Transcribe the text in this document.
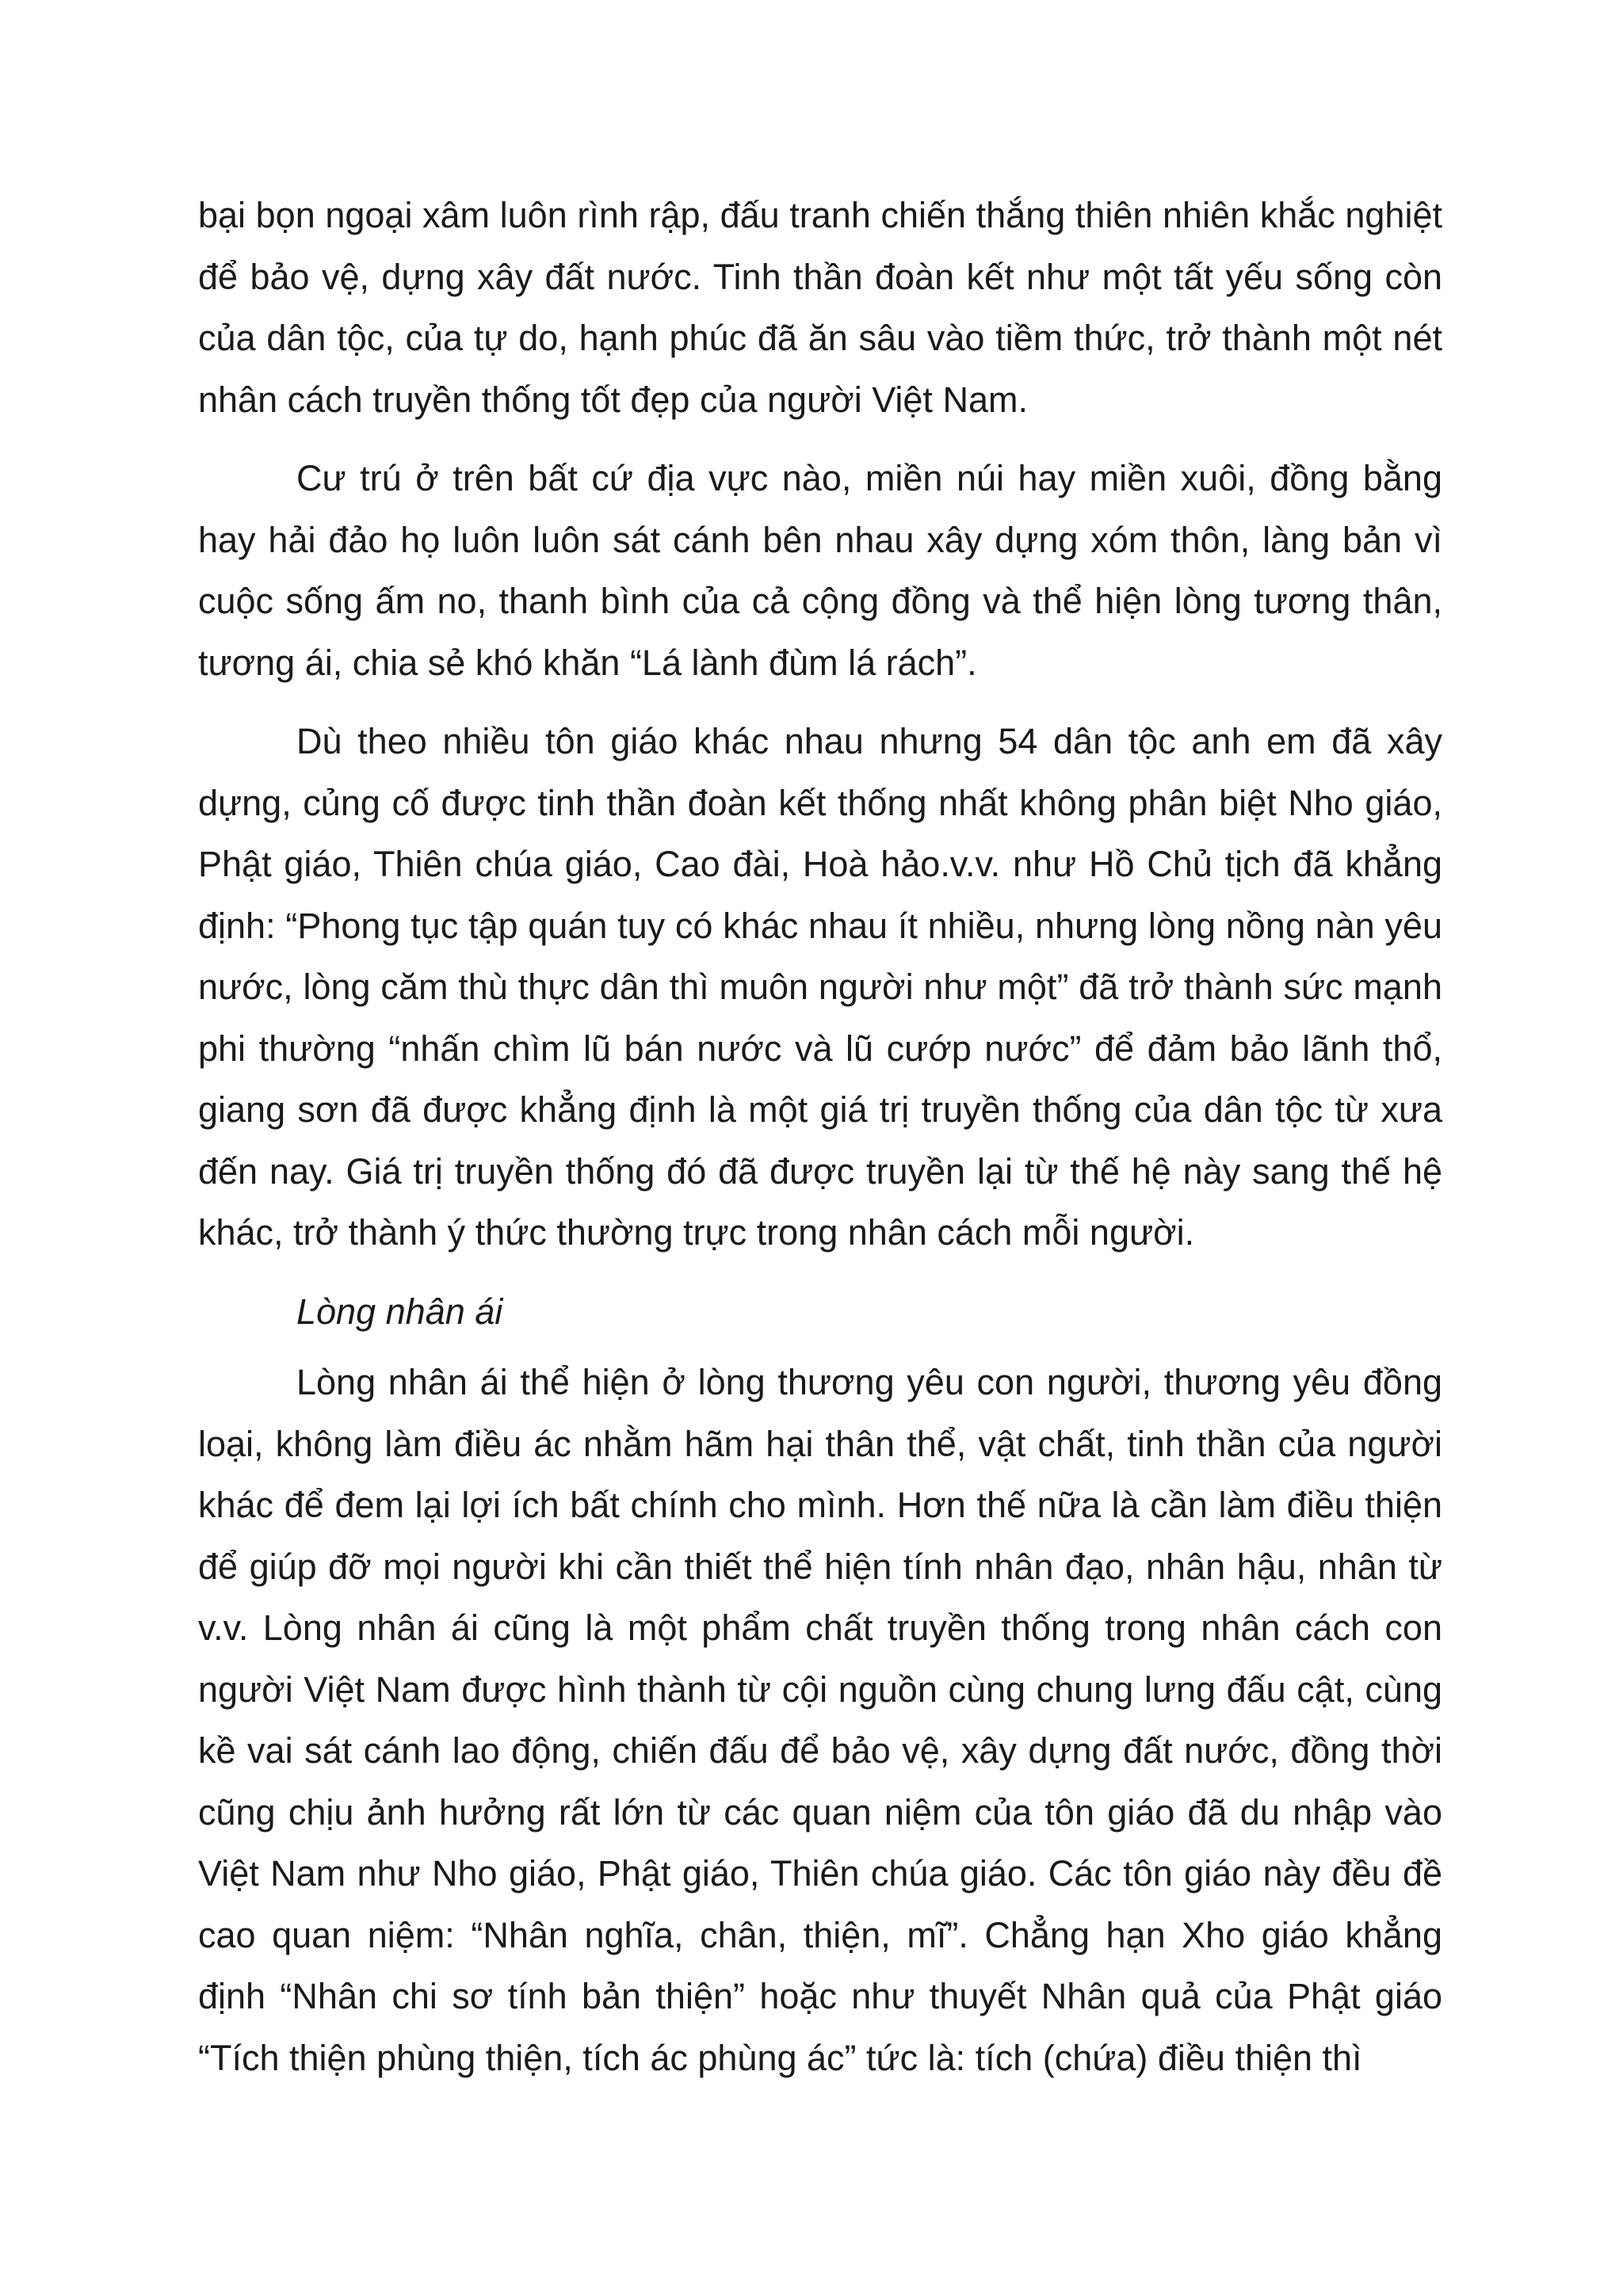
bại bọn ngoại xâm luôn rình rập, đấu tranh chiến thắng thiên nhiên khắc nghiệt để bảo vệ, dựng xây đất nước. Tinh thần đoàn kết như một tất yếu sống còn của dân tộc, của tự do, hạnh phúc đã ăn sâu vào tiềm thức, trở thành một nét nhân cách truyền thống tốt đẹp của người Việt Nam.

Cư trú ở trên bất cứ địa vực nào, miền núi hay miền xuôi, đồng bằng hay hải đảo họ luôn luôn sát cánh bên nhau xây dựng xóm thôn, làng bản vì cuộc sống ấm no, thanh bình của cả cộng đồng và thể hiện lòng tương thân, tương ái, chia sẻ khó khăn “Lá lành đùm lá rách”.

Dù theo nhiều tôn giáo khác nhau nhưng 54 dân tộc anh em đã xây dựng, củng cố được tinh thần đoàn kết thống nhất không phân biệt Nho giáo, Phật giáo, Thiên chúa giáo, Cao đài, Hoà hảo.v.v. như Hồ Chủ tịch đã khẳng định: “Phong tục tập quán tuy có khác nhau ít nhiều, nhưng lòng nồng nàn yêu nước, lòng căm thù thực dân thì muôn người như một” đã trở thành sức mạnh phi thường “nhấn chìm lũ bán nước và lũ cướp nước” để đảm bảo lãnh thổ, giang sơn đã được khẳng định là một giá trị truyền thống của dân tộc từ xưa đến nay. Giá trị truyền thống đó đã được truyền lại từ thế hệ này sang thế hệ khác, trở thành ý thức thường trực trong nhân cách mỗi người.

Lòng nhân ái

Lòng nhân ái thể hiện ở lòng thương yêu con người, thương yêu đồng loại, không làm điều ác nhằm hãm hại thân thể, vật chất, tinh thần của người khác để đem lại lợi ích bất chính cho mình. Hơn thế nữa là cần làm điều thiện để giúp đỡ mọi người khi cần thiết thể hiện tính nhân đạo, nhân hậu, nhân từ v.v. Lòng nhân ái cũng là một phẩm chất truyền thống trong nhân cách con người Việt Nam được hình thành từ cội nguồn cùng chung lưng đấu cật, cùng kề vai sát cánh lao động, chiến đấu để bảo vệ, xây dựng đất nước, đồng thời cũng chịu ảnh hưởng rất lớn từ các quan niệm của tôn giáo đã du nhập vào Việt Nam như Nho giáo, Phật giáo, Thiên chúa giáo. Các tôn giáo này đều đề cao quan niệm: “Nhân nghĩa, chân, thiện, mĩ”. Chẳng hạn Xho giáo khẳng định “Nhân chi sơ tính bản thiện” hoặc như thuyết Nhân quả của Phật giáo “Tích thiện phùng thiện, tích ác phùng ác” tức là: tích (chứa) điều thiện thì
